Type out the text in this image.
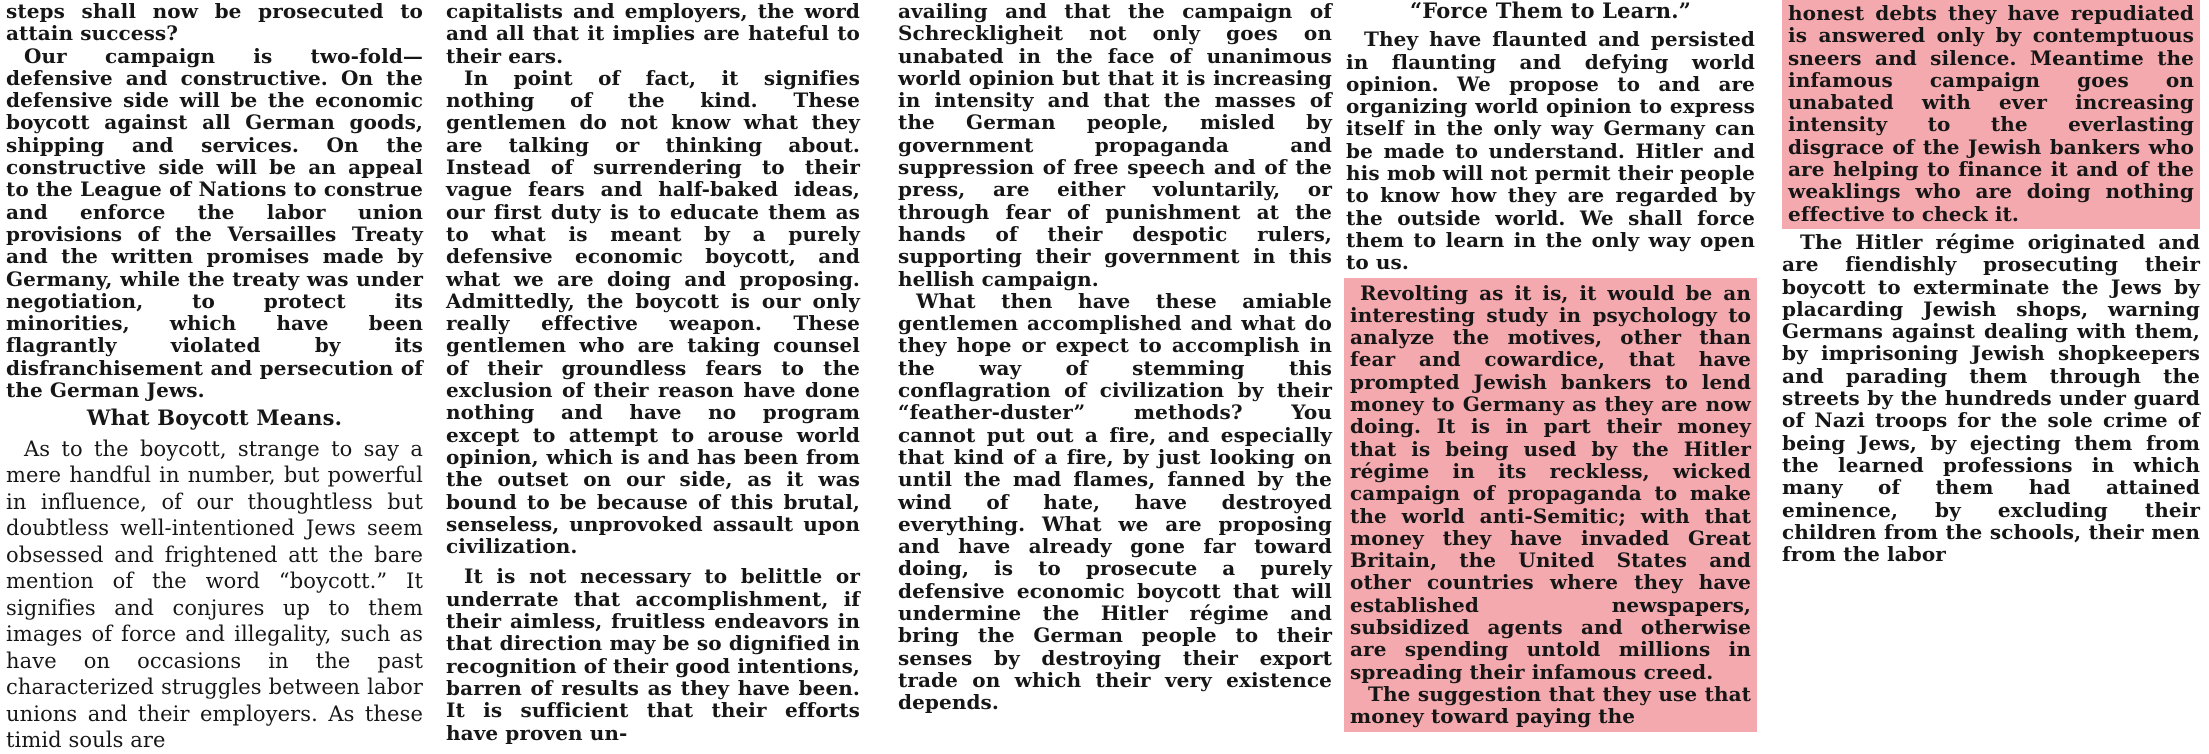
steps shall now be prosecuted to attain success?

Our campaign is two-fold—defensive and constructive. On the defensive side will be the economic boycott against all German goods, shipping and services. On the constructive side will be an appeal to the League of Nations to construe and enforce the labor union provisions of the Versailles Treaty and the written promises made by Germany, while the treaty was under negotiation, to protect its minorities, which have been flagrantly violated by its disfranchisement and persecution of the German Jews.

What Boycott Means.

As to the boycott, strange to say a mere handful in number, but powerful in influence, of our thoughtless but doubtless well-intentioned Jews seem obsessed and frightened att the bare mention of the word “boycott.” It signifies and conjures up to them images of force and illegality, such as have on occasions in the past characterized struggles between labor unions and their employers. As these timid souls are

capitalists and employers, the word and all that it implies are hateful to their ears.

In point of fact, it signifies nothing of the kind. These gentlemen do not know what they are talking or thinking about. Instead of surrendering to their vague fears and half-baked ideas, our first duty is to educate them as to what is meant by a purely defensive economic boycott, and what we are doing and proposing. Admittedly, the boycott is our only really effective weapon. These gentlemen who are taking counsel of their groundless fears to the exclusion of their reason have done nothing and have no program except to attempt to arouse world opinion, which is and has been from the outset on our side, as it was bound to be because of this brutal, senseless, unprovoked assault upon civilization.

It is not necessary to belittle or underrate that accomplishment, if their aimless, fruitless endeavors in that direction may be so dignified in recognition of their good intentions, barren of results as they have been. It is sufficient that their efforts have proven un-

availing and that the campaign of Schreckligheit not only goes on unabated in the face of unanimous world opinion but that it is increasing in intensity and that the masses of the German people, misled by government propaganda and suppression of free speech and of the press, are either voluntarily, or through fear of punishment at the hands of their despotic rulers, supporting their government in this hellish campaign.

What then have these amiable gentlemen accomplished and what do they hope or expect to accomplish in the way of stemming this conflagration of civilization by their “feather-duster” methods? You cannot put out a fire, and especially that kind of a fire, by just looking on until the mad flames, fanned by the wind of hate, have destroyed everything. What we are proposing and have already gone far toward doing, is to prosecute a purely defensive economic boycott that will undermine the Hitler régime and bring the German people to their senses by destroying their export trade on which their very existence depends.

“Force Them to Learn.”

They have flaunted and persisted in flaunting and defying world opinion. We propose to and are organizing world opinion to express itself in the only way Germany can be made to understand. Hitler and his mob will not permit their people to know how they are regarded by the outside world. We shall force them to learn in the only way open to us.

Revolting as it is, it would be an interesting study in psychology to analyze the motives, other than fear and cowardice, that have prompted Jewish bankers to lend money to Germany as they are now doing. It is in part their money that is being used by the Hitler régime in its reckless, wicked campaign of propaganda to make the world anti-Semitic; with that money they have invaded Great Britain, the United States and other countries where they have established newspapers, subsidized agents and otherwise are spending untold millions in spreading their infamous creed.

The suggestion that they use that money toward paying the

honest debts they have repudiated is answered only by contemptuous sneers and silence. Meantime the infamous campaign goes on unabated with ever increasing intensity to the everlasting disgrace of the Jewish bankers who are helping to finance it and of the weaklings who are doing nothing effective to check it.

The Hitler régime originated and are fiendishly prosecuting their boycott to exterminate the Jews by placarding Jewish shops, warning Germans against dealing with them, by imprisoning Jewish shopkeepers and parading them through the streets by the hundreds under guard of Nazi troops for the sole crime of being Jews, by ejecting them from the learned professions in which many of them had attained eminence, by excluding their children from the schools, their men from the labor
